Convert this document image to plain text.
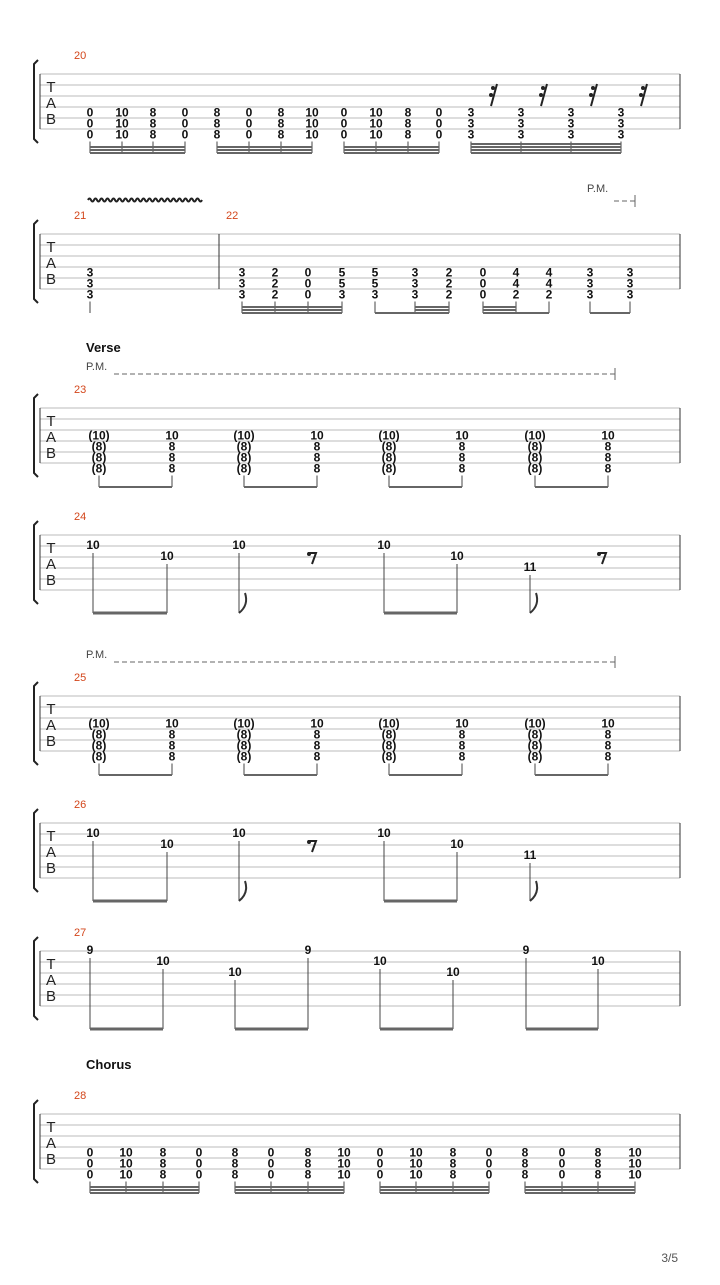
T
A
B
20
0
0
0
10
10
10
8
8
8
0
0
0
8
8
8
0
0
0
8
8
8
10
10
10
0
0
0
10
10
10
8
8
8
0
0
0
3
3
3
3
3
3
3
3
3
3
3
3
T
A
B
21	22
P.M.
3
3
3
3
3
3
2
2
2
0
0
0
5
5
3
5
5
3
3
3
3
2
2
2
0
0
0
4
4
2
4
4
2
3
3
3
3
3
3
T
A
B
23
Verse
P.M.
(10)
(8)
(8)
(8)
10
8
8
8
(10)
(8)
(8)
(8)
10
8
8
8
(10)
(8)
(8)
(8)
10
8
8
8
(10)
(8)
(8)
(8)
10
8
8
8
T
A
B
24
10
10
10	10
10
11
T
A
B
25
P.M.
(10)
(8)
(8)
(8)
10
8
8
8
(10)
(8)
(8)
(8)
10
8
8
8
(10)
(8)
(8)
(8)
10
8
8
8
(10)
(8)
(8)
(8)
10
8
8
8
T
A
B
26
10
10
10	10
10
11
T
A
B
27
9
10
10
9
10
10
9
10
T
A
B
28
Chorus
0
0
0
10
10
10
8
8
8
0
0
0
8
8
8
0
0
0
8
8
8
10
10
10
0
0
0
10
10
10
8
8
8
0
0
0
8
8
8
0
0
0
8
8
8
10
10
10
3/5
